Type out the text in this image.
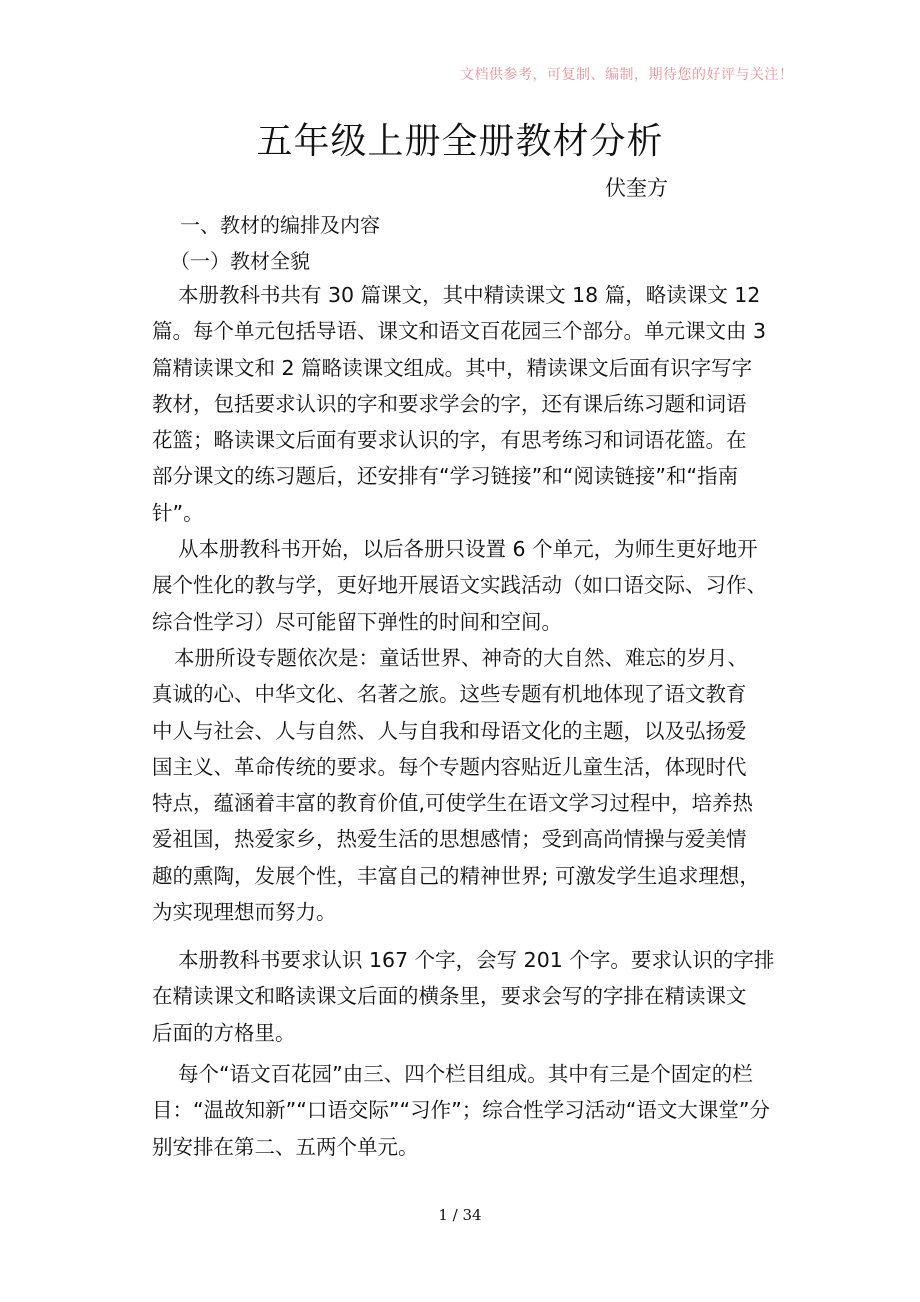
文档供参考，可复制、编制，期待您的好评与关注！
五年级上册全册教材分析
伏奎方
一、教材的编排及内容
（一）教材全貌
本册教科书共有 30 篇课文，其中精读课文 18 篇，略读课文 12
篇。每个单元包括导语、课文和语文百花园三个部分。单元课文由 3
篇精读课文和 2 篇略读课文组成。其中，精读课文后面有识字写字
教材，包括要求认识的字和要求学会的字，还有课后练习题和词语
花篮；略读课文后面有要求认识的字，有思考练习和词语花篮。在
部分课文的练习题后，还安排有“学习链接”和“阅读链接”和“指南
针”。
从本册教科书开始，以后各册只设置 6 个单元，为师生更好地开
展个性化的教与学，更好地开展语文实践活动（如口语交际、习作、
综合性学习）尽可能留下弹性的时间和空间。
本册所设专题依次是：童话世界、神奇的大自然、难忘的岁月、
真诚的心、中华文化、名著之旅。这些专题有机地体现了语文教育
中人与社会、人与自然、人与自我和母语文化的主题，以及弘扬爱
国主义、革命传统的要求。每个专题内容贴近儿童生活，体现时代
特点，蕴涵着丰富的教育价值,可使学生在语文学习过程中，培养热
爱祖国，热爱家乡，热爱生活的思想感情；受到高尚情操与爱美情
趣的熏陶，发展个性，丰富自己的精神世界; 可激发学生追求理想，
为实现理想而努力。
本册教科书要求认识 167 个字，会写 201 个字。要求认识的字排
在精读课文和略读课文后面的横条里，要求会写的字排在精读课文
后面的方格里。
每个“语文百花园”由三、四个栏目组成。其中有三是个固定的栏
目：“温故知新”“口语交际”“习作”；综合性学习活动“语文大课堂”分
别安排在第二、五两个单元。
1 / 34
